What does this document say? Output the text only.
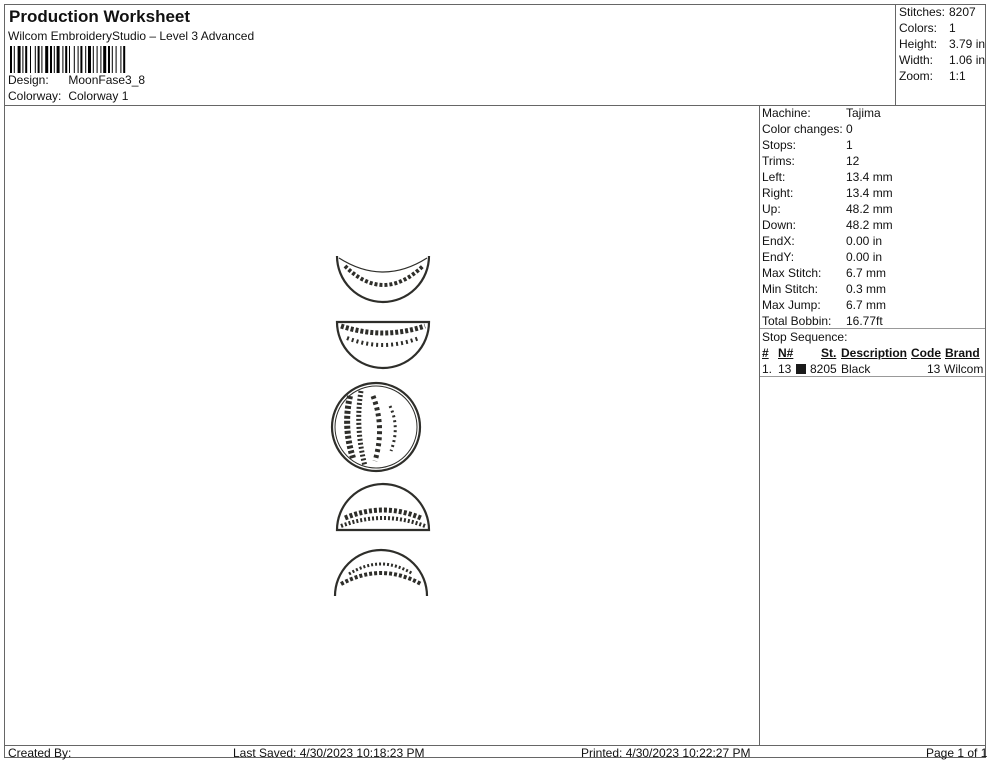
Production Worksheet
Wilcom EmbroideryStudio – Level 3 Advanced
Design: MoonFase3_8
Colorway: Colorway 1
Stitches: 8207
Colors: 1
Height: 3.79 in
Width: 1.06 in
Zoom: 1:1
Machine:	Tajima
Color changes: 0
Stops:	1
Trims:	12
Left:	13.4 mm
Right:	13.4 mm
Up:	48.2 mm
Down:	48.2 mm
EndX:	0.00 in
EndY:	0.00 in
Max Stitch: 6.7 mm
Min Stitch: 0.3 mm
Max Jump: 6.7 mm
Total Bobbin: 16.77ft
Stop Sequence:
# N# St. Description Code Brand
1. 13 8205 Black	13 Wilcom
Created By:	Last Saved: 4/30/2023 10:18:23 PM	Printed: 4/30/2023 10:22:27 PM	Page 1 of 1
